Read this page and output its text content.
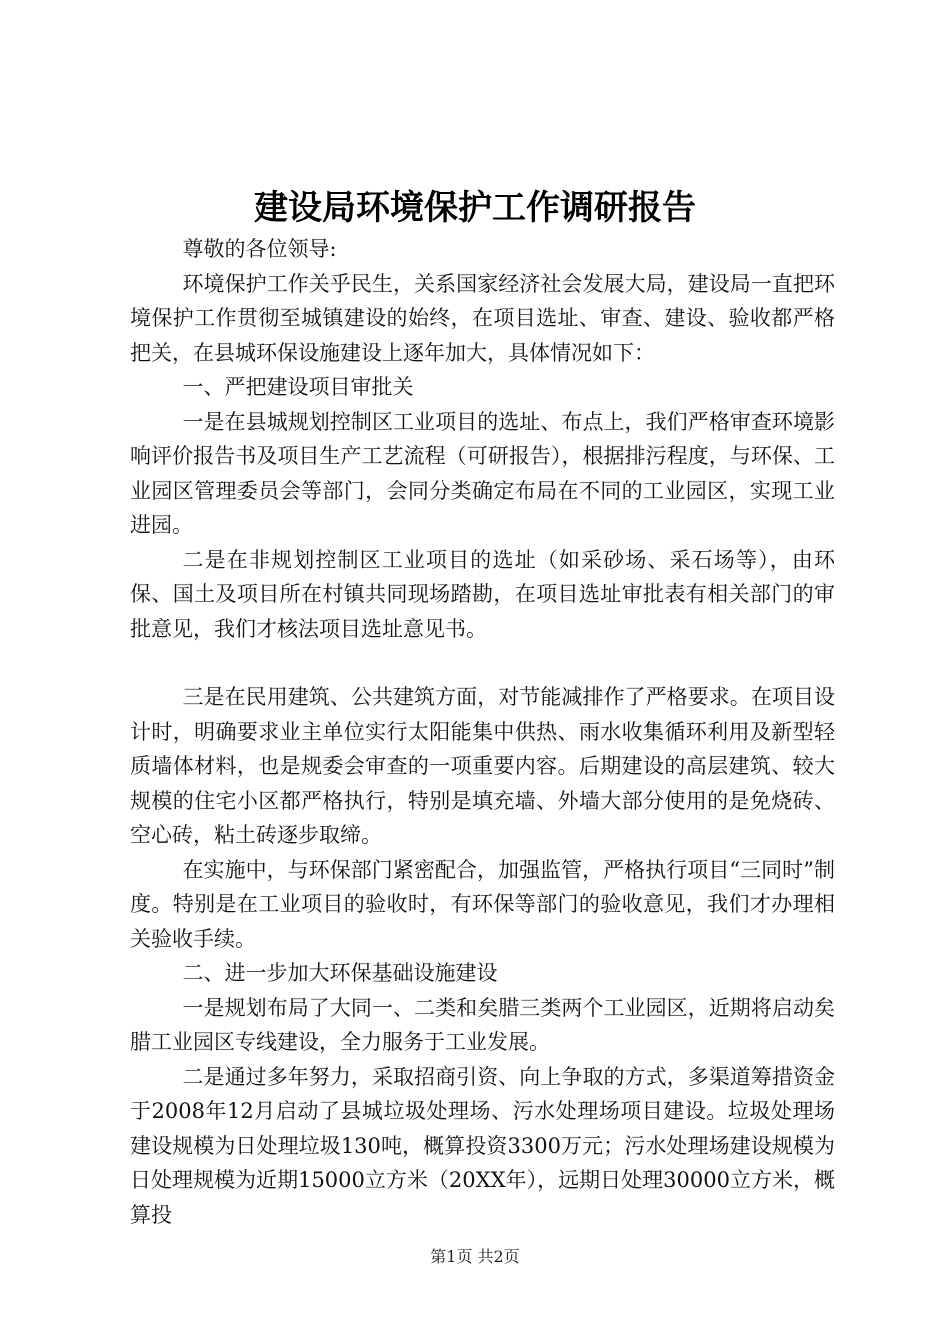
建设局环境保护工作调研报告

尊敬的各位领导:

环境保护工作关乎民生，关系国家经济社会发展大局，建设局一直把环境保护工作贯彻至城镇建设的始终，在项目选址、审查、建设、验收都严格把关，在县城环保设施建设上逐年加大，具体情况如下：

一、严把建设项目审批关

一是在县城规划控制区工业项目的选址、布点上，我们严格审查环境影响评价报告书及项目生产工艺流程（可研报告），根据排污程度，与环保、工业园区管理委员会等部门，会同分类确定布局在不同的工业园区，实现工业进园。

二是在非规划控制区工业项目的选址（如采砂场、采石场等），由环保、国土及项目所在村镇共同现场踏勘，在项目选址审批表有相关部门的审批意见，我们才核法项目选址意见书。

三是在民用建筑、公共建筑方面，对节能减排作了严格要求。在项目设计时，明确要求业主单位实行太阳能集中供热、雨水收集循环利用及新型轻质墙体材料，也是规委会审查的一项重要内容。后期建设的高层建筑、较大规模的住宅小区都严格执行，特别是填充墙、外墙大部分使用的是免烧砖、空心砖，粘土砖逐步取缔。

在实施中，与环保部门紧密配合，加强监管，严格执行项目“三同时”制度。特别是在工业项目的验收时，有环保等部门的验收意见，我们才办理相关验收手续。

二、进一步加大环保基础设施建设

一是规划布局了大同一、二类和矣腊三类两个工业园区，近期将启动矣腊工业园区专线建设，全力服务于工业发展。

二是通过多年努力，采取招商引资、向上争取的方式，多渠道筹措资金于2008年12月启动了县城垃圾处理场、污水处理场项目建设。垃圾处理场建设规模为日处理垃圾130吨，概算投资3300万元；污水处理场建设规模为日处理规模为近期15000立方米（20XX年），远期日处理30000立方米，概算投

第1页 共2页
